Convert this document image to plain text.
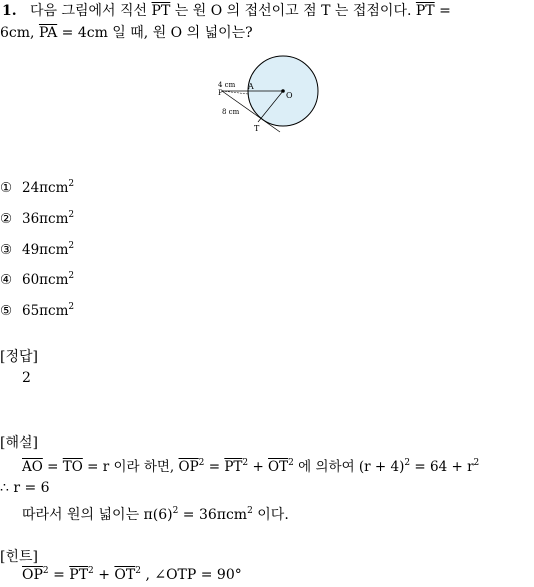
1. 다음 그림에서 직선 $\overline{PT}$ 는 원 O 의 접선이고 점 T 는 접점이다. $\overline{PT}$ =
6cm, $\overline{PA} = 4cm$ 일 때, 원 O 의 넓이는?
4 cm A
O
P
8 cm
T
① 24πcm$^2$
② 36πcm$^2$
③ 49πcm$^2$
④ 60πcm$^2$
⑤ 65πcm$^2$
[정답]
2
[해설]
$\overline{AO} = \overline{TO} = r$ 이라 하면, $\overline{OP}^2 = \overline{PT}^2 + \overline{OT}^2$ 에 의하여 $(r + 4)^2 = 64 + r^2$
∴ r = 6
따라서 원의 넓이는 $\pi(6)^2 = 36\pi cm^2$ 이다.
[힌트]
$\overline{OP}^2 = \overline{PT}^2 + \overline{OT}^2$ , ∠OTP = 90°
